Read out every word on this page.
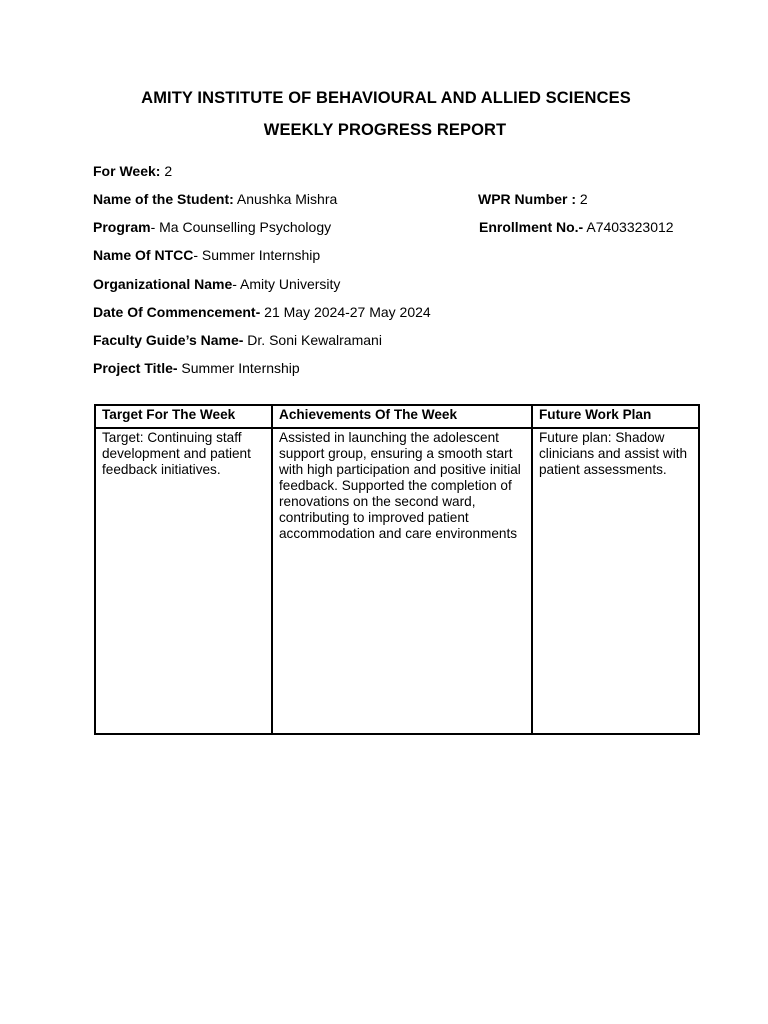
AMITY INSTITUTE OF BEHAVIOURAL AND ALLIED SCIENCES
WEEKLY PROGRESS REPORT
For Week: 2
Name of the Student: Anushka Mishra	WPR Number : 2
Program- Ma Counselling Psychology	Enrollment No.- A7403323012
Name Of NTCC- Summer Internship
Organizational Name- Amity University
Date Of Commencement- 21 May 2024-27 May 2024
Faculty Guide’s Name- Dr. Soni Kewalramani
Project Title- Summer Internship
Target For The Week	Achievements Of The Week	Future Work Plan
Target: Continuing staff development and patient feedback initiatives.	Assisted in launching the adolescent support group, ensuring a smooth start with high participation and positive initial feedback. Supported the completion of renovations on the second ward, contributing to improved patient accommodation and care environments	Future plan: Shadow clinicians and assist with patient assessments.
